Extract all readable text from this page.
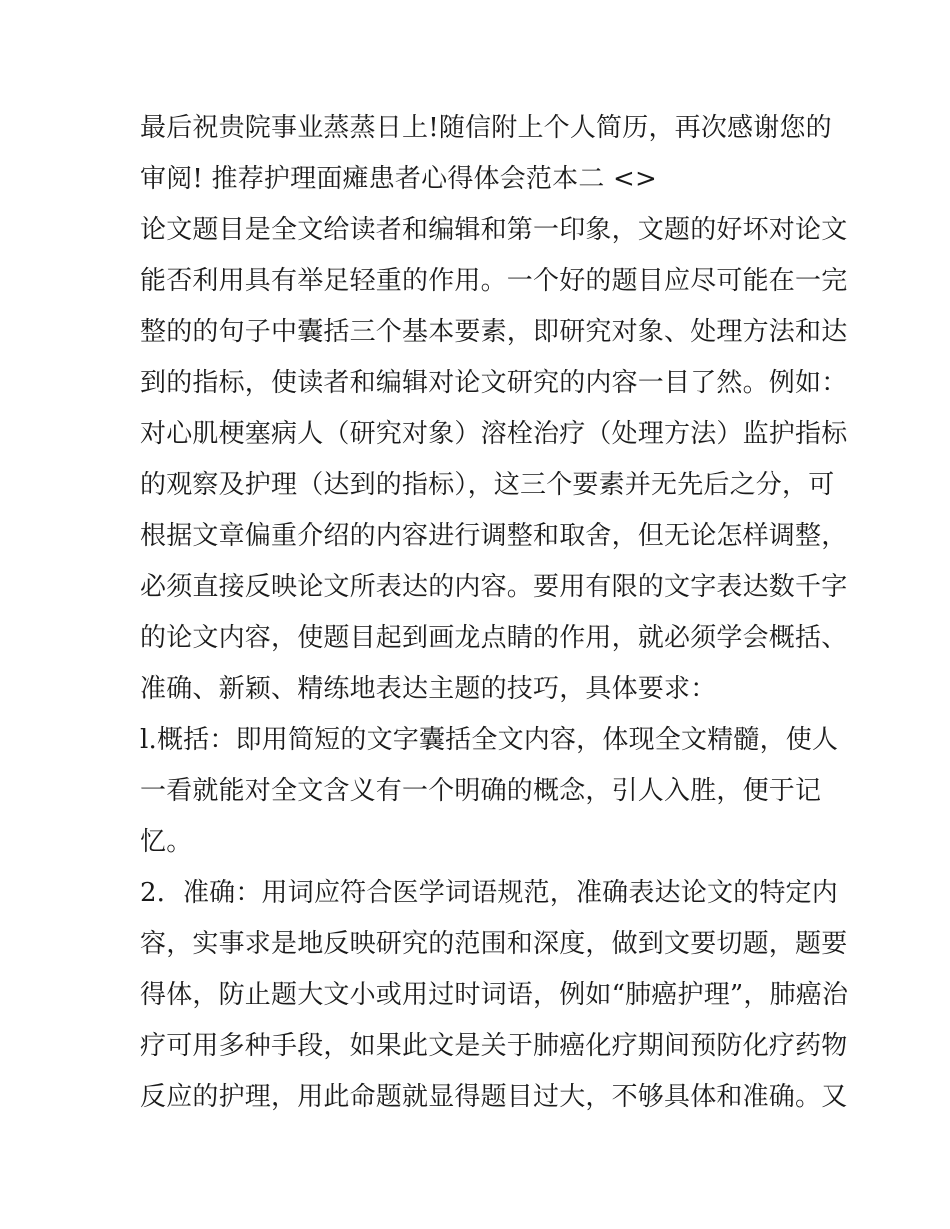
最后祝贵院事业蒸蒸日上!随信附上个人简历，再次感谢您的
审阅! 推荐护理面瘫患者心得体会范本二 <>
论文题目是全文给读者和编辑和第一印象，文题的好坏对论文
能否利用具有举足轻重的作用。一个好的题目应尽可能在一完
整的的句子中囊括三个基本要素，即研究对象、处理方法和达
到的指标，使读者和编辑对论文研究的内容一目了然。例如：
对心肌梗塞病人（研究对象）溶栓治疗（处理方法）监护指标
的观察及护理（达到的指标），这三个要素并无先后之分，可
根据文章偏重介绍的内容进行调整和取舍，但无论怎样调整，
必须直接反映论文所表达的内容。要用有限的文字表达数千字
的论文内容，使题目起到画龙点睛的作用，就必须学会概括、
准确、新颖、精练地表达主题的技巧，具体要求：
l.概括：即用简短的文字囊括全文内容，体现全文精髓，使人
一看就能对全文含义有一个明确的概念，引人入胜，便于记
忆。
2．准确：用词应符合医学词语规范，准确表达论文的特定内
容，实事求是地反映研究的范围和深度，做到文要切题，题要
得体，防止题大文小或用过时词语，例如“肺癌护理”，肺癌治
疗可用多种手段，如果此文是关于肺癌化疗期间预防化疗药物
反应的护理，用此命题就显得题目过大，不够具体和准确。又
